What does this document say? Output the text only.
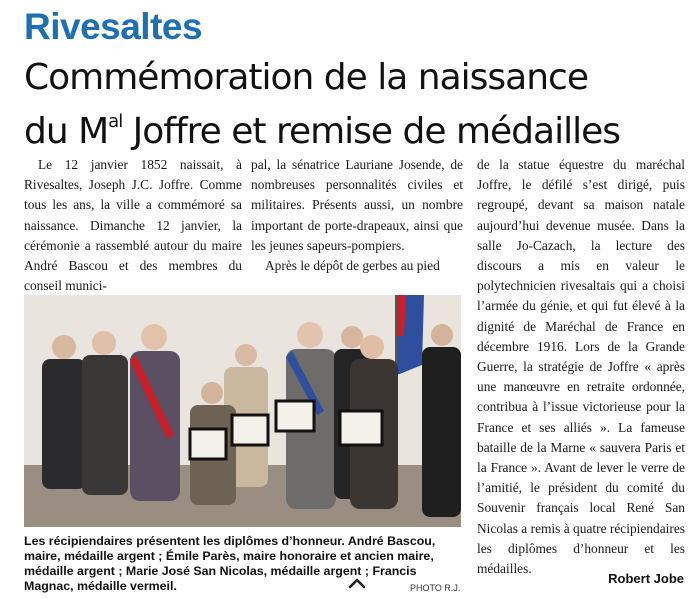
Rivesaltes
Commémoration de la naissance
du $M^{al}$ Joffre et remise de médailles

Le 12 janvier 1852 naissait, à Rivesaltes, Joseph J.C. Joffre. Comme tous les ans, la ville a commémoré sa naissance. Dimanche 12 janvier, la cérémonie a rassemblé autour du maire André Bascou et des membres du conseil munici-

pal, la sénatrice Lauriane Josende, de nombreuses personnalités civiles et militaires. Présents aussi, un nombre important de porte-drapeaux, ainsi que les jeunes sapeurs-pompiers.

Après le dépôt de gerbes au pied

de la statue équestre du maréchal Joffre, le défilé s’est dirigé, puis regroupé, devant sa maison natale aujourd’hui devenue musée. Dans la salle Jo-Cazach, la lecture des discours a mis en valeur le polytechnicien rivesaltais qui a choisi l’armée du génie, et qui fut élevé à la dignité de Maréchal de France en décembre 1916. Lors de la Grande Guerre, la stratégie de Joffre « après une manœuvre en retraite ordonnée, contribua à l’issue victorieuse pour la France et ses alliés ». La fameuse bataille de la Marne « sauvera Paris et la France ». Avant de lever le verre de l’amitié, le président du comité du Souvenir français local René San Nicolas a remis à quatre récipiendaires les diplômes d’honneur et les médailles.

Les récipiendaires présentent les diplômes d’honneur. André Bascou, maire, médaille argent ; Émile Parès, maire honoraire et ancien maire, médaille argent ; Marie José San Nicolas, médaille argent ; Francis Magnac, médaille vermeil.	PHOTO R.J.
Robert Jobe
